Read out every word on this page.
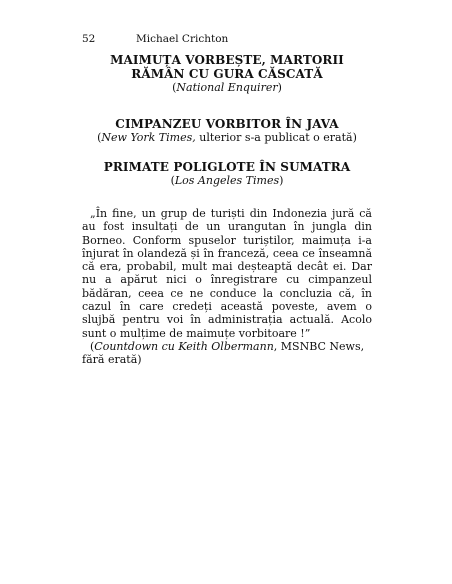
52	Michael Crichton
MAIMUȚA VORBEȘTE, MARTORII
RĂMÂN CU GURA CĂSCATĂ
(National Enquirer)
CIMPANZEU VORBITOR ÎN JAVA
(New York Times, ulterior s-a publicat o erată)
PRIMATE POLIGLOTE ÎN SUMATRA
(Los Angeles Times)

„În fine, un grup de turiști din Indonezia jură că au fost insultați de un urangutan în jungla din Borneo. Conform spuselor turiștilor, maimuța i-a înjurat în olandeză și în franceză, ceea ce înseamnă că era, probabil, mult mai deșteaptă decât ei. Dar nu a apărut nici o înregistrare cu cimpanzeul bădăran, ceea ce ne conduce la concluzia că, în cazul în care credeți această poveste, avem o slujbă pentru voi în administrația actuală. Acolo sunt o mulțime de maimuțe vorbitoare !”

(Countdown cu Keith Olbermann, MSNBC News, fără erată)
